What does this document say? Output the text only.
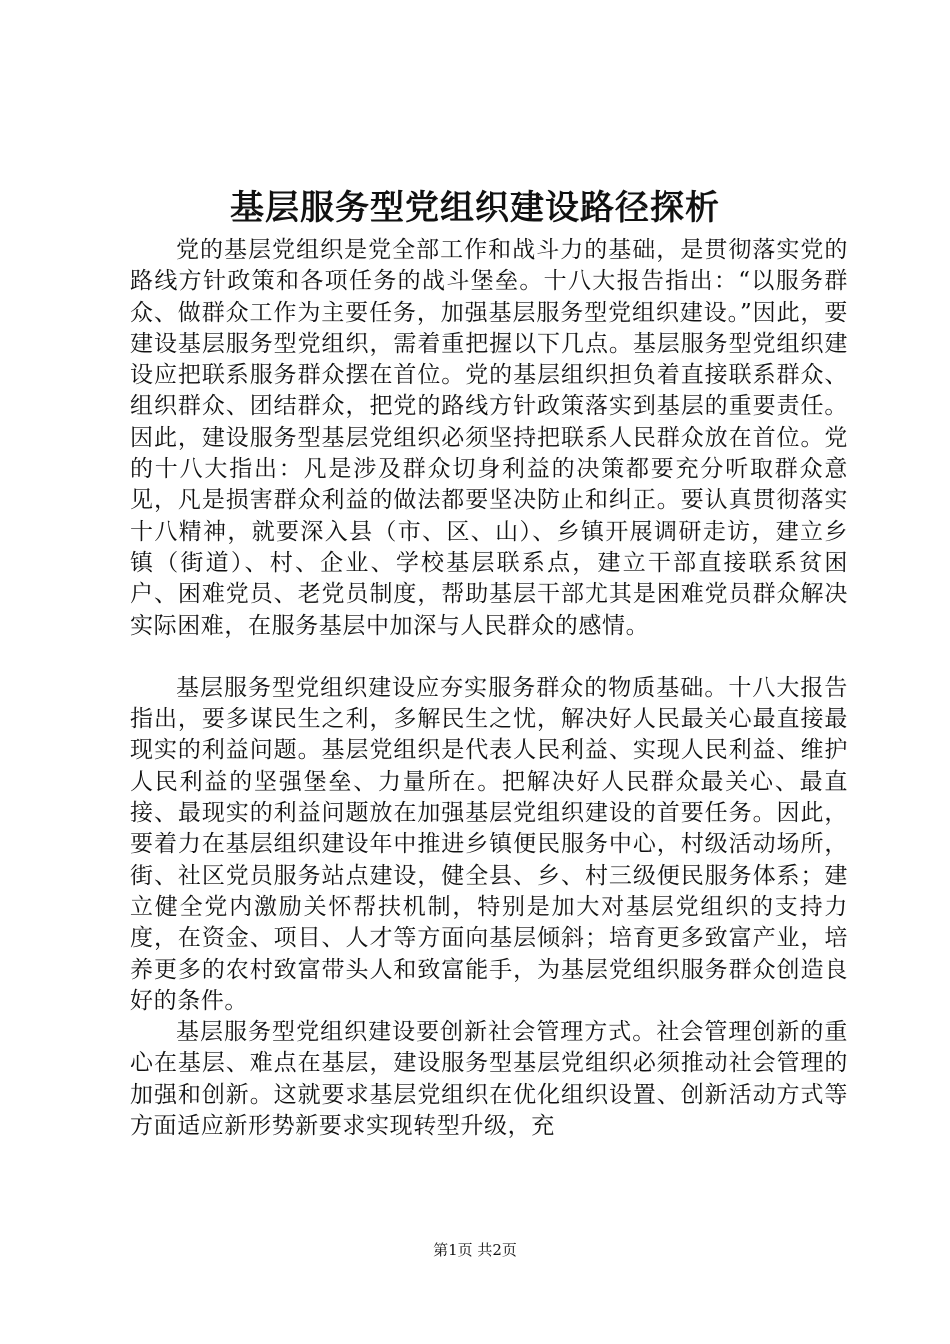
基层服务型党组织建设路径探析

党的基层党组织是党全部工作和战斗力的基础，是贯彻落实党的路线方针政策和各项任务的战斗堡垒。十八大报告指出：“以服务群众、做群众工作为主要任务，加强基层服务型党组织建设。”因此，要建设基层服务型党组织，需着重把握以下几点。基层服务型党组织建设应把联系服务群众摆在首位。党的基层组织担负着直接联系群众、组织群众、团结群众，把党的路线方针政策落实到基层的重要责任。因此，建设服务型基层党组织必须坚持把联系人民群众放在首位。党的十八大指出：凡是涉及群众切身利益的决策都要充分听取群众意见，凡是损害群众利益的做法都要坚决防止和纠正。要认真贯彻落实十八精神，就要深入县（市、区、山）、乡镇开展调研走访，建立乡镇（街道）、村、企业、学校基层联系点，建立干部直接联系贫困户、困难党员、老党员制度，帮助基层干部尤其是困难党员群众解决实际困难，在服务基层中加深与人民群众的感情。

基层服务型党组织建设应夯实服务群众的物质基础。十八大报告指出，要多谋民生之利，多解民生之忧，解决好人民最关心最直接最现实的利益问题。基层党组织是代表人民利益、实现人民利益、维护人民利益的坚强堡垒、力量所在。把解决好人民群众最关心、最直接、最现实的利益问题放在加强基层党组织建设的首要任务。因此，要着力在基层组织建设年中推进乡镇便民服务中心，村级活动场所，街、社区党员服务站点建设，健全县、乡、村三级便民服务体系；建立健全党内激励关怀帮扶机制，特别是加大对基层党组织的支持力度，在资金、项目、人才等方面向基层倾斜；培育更多致富产业，培养更多的农村致富带头人和致富能手，为基层党组织服务群众创造良好的条件。

基层服务型党组织建设要创新社会管理方式。社会管理创新的重心在基层、难点在基层，建设服务型基层党组织必须推动社会管理的加强和创新。这就要求基层党组织在优化组织设置、创新活动方式等方面适应新形势新要求实现转型升级，充

第1页 共2页
